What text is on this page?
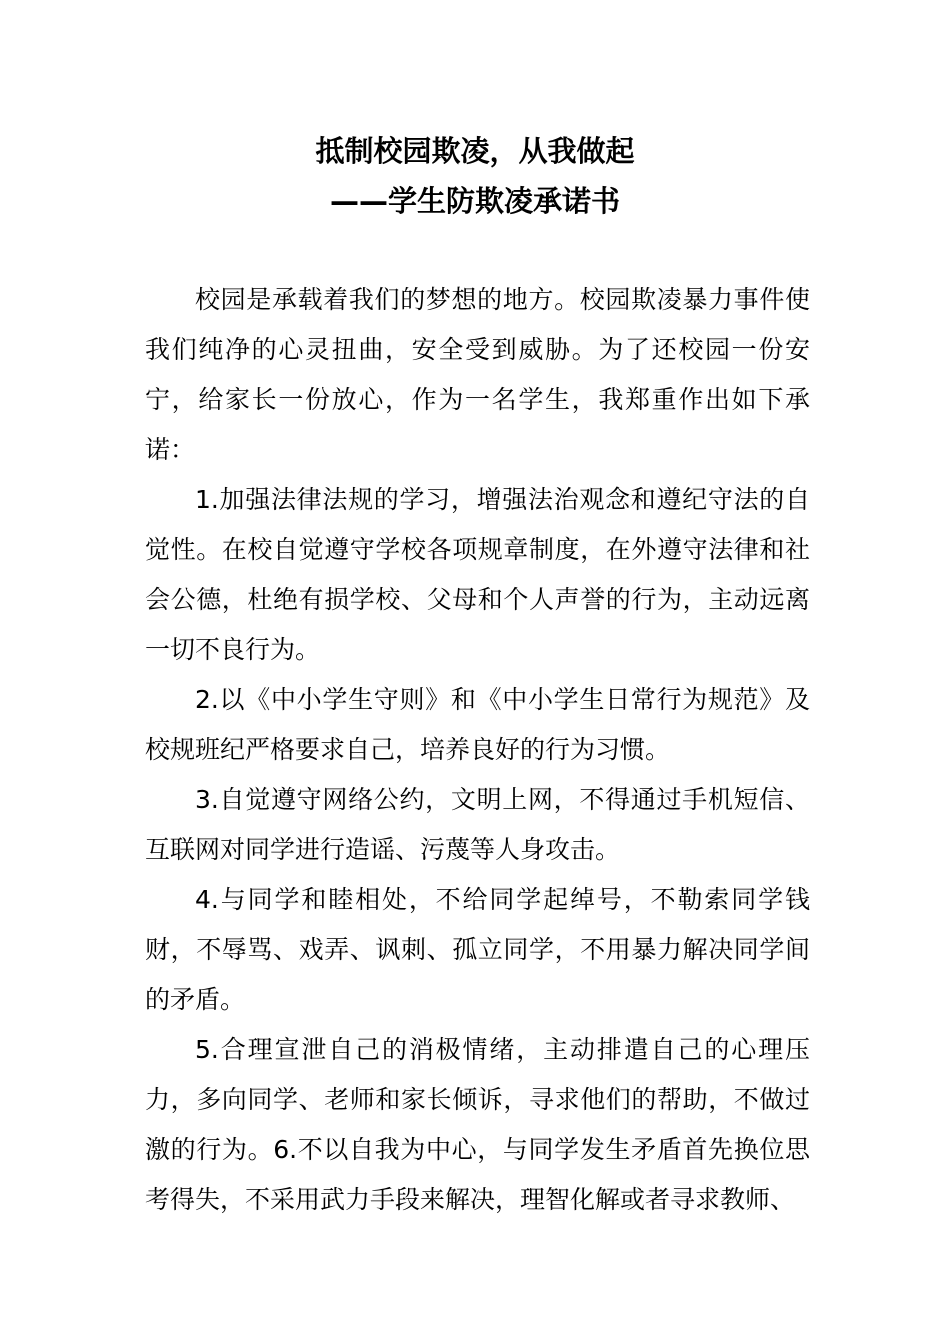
抵制校园欺凌，从我做起
——学生防欺凌承诺书

校园是承载着我们的梦想的地方。校园欺凌暴力事件使我们纯净的心灵扭曲，安全受到威胁。为了还校园一份安宁，给家长一份放心，作为一名学生，我郑重作出如下承诺：

1.加强法律法规的学习，增强法治观念和遵纪守法的自觉性。在校自觉遵守学校各项规章制度，在外遵守法律和社会公德，杜绝有损学校、父母和个人声誉的行为，主动远离一切不良行为。

2.以《中小学生守则》和《中小学生日常行为规范》及校规班纪严格要求自己，培养良好的行为习惯。

3.自觉遵守网络公约，文明上网，不得通过手机短信、互联网对同学进行造谣、污蔑等人身攻击。

4.与同学和睦相处，不给同学起绰号，不勒索同学钱财，不辱骂、戏弄、讽刺、孤立同学，不用暴力解决同学间的矛盾。

5.合理宣泄自己的消极情绪，主动排遣自己的心理压力，多向同学、老师和家长倾诉，寻求他们的帮助，不做过激的行为。6.不以自我为中心，与同学发生矛盾首先换位思考得失，不采用武力手段来解决，理智化解或者寻求教师、
